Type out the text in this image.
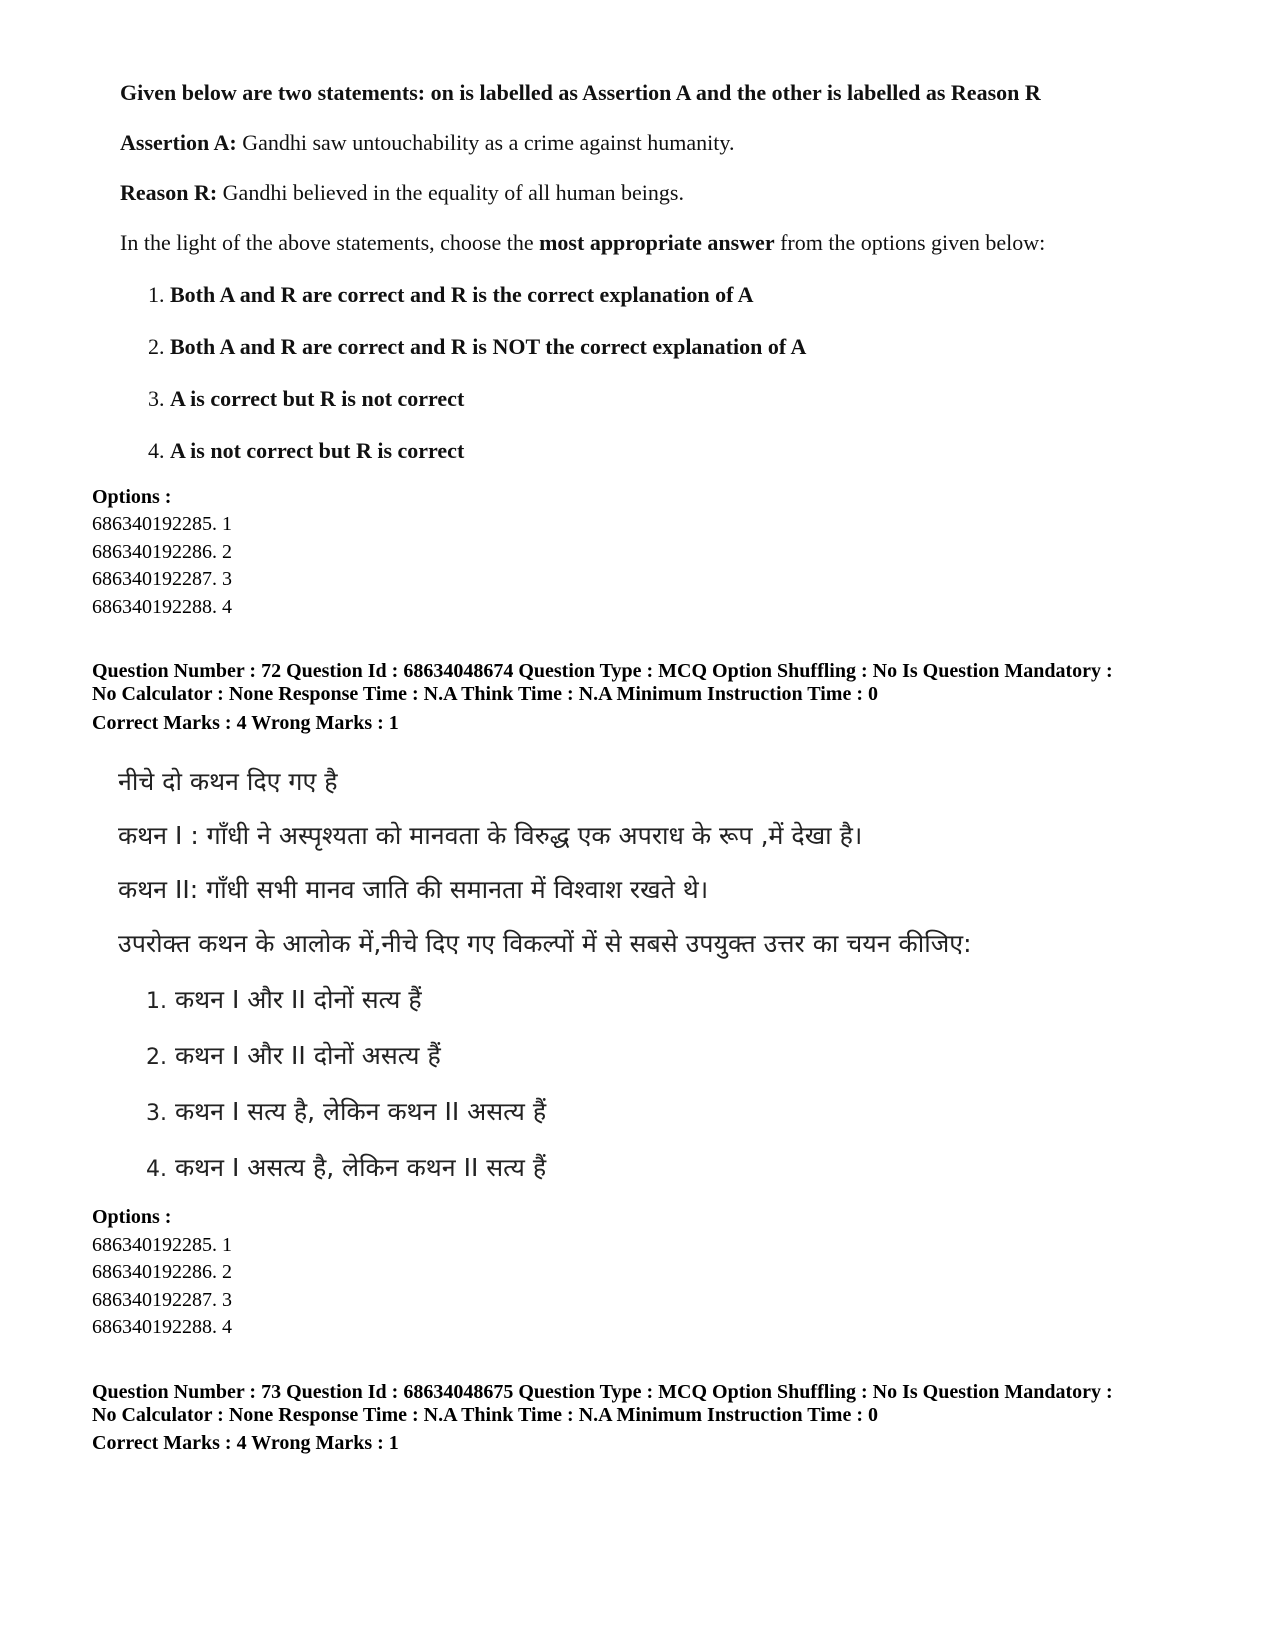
Given below are two statements: on is labelled as Assertion A and the other is labelled as Reason R
Assertion A: Gandhi saw untouchability as a crime against humanity.
Reason R: Gandhi believed in the equality of all human beings.
In the light of the above statements, choose the most appropriate answer from the options given below:
1. Both A and R are correct and R is the correct explanation of A
2. Both A and R are correct and R is NOT the correct explanation of A
3. A is correct but R is not correct
4. A is not correct but R is correct
Options :
686340192285. 1
686340192286. 2
686340192287. 3
686340192288. 4
Question Number : 72 Question Id : 68634048674 Question Type : MCQ Option Shuffling : No Is Question Mandatory :
No Calculator : None Response Time : N.A Think Time : N.A Minimum Instruction Time : 0
Correct Marks : 4 Wrong Marks : 1
नीचे दो कथन दिए गए है
कथन I : गाँधी ने अस्पृश्यता को मानवता के विरुद्ध एक अपराध के रूप ,में देखा है।
कथन II: गाँधी सभी मानव जाति की समानता में विश्वाश रखते थे।
उपरोक्त कथन के आलोक में,नीचे दिए गए विकल्पों में से सबसे उपयुक्त उत्तर का चयन कीजिए:
1. कथन I और II दोनों सत्य हैं
2. कथन I और II दोनों असत्य हैं
3. कथन I सत्य है, लेकिन कथन II असत्य हैं
4. कथन I असत्य है, लेकिन कथन II सत्य हैं
Options :
686340192285. 1
686340192286. 2
686340192287. 3
686340192288. 4
Question Number : 73 Question Id : 68634048675 Question Type : MCQ Option Shuffling : No Is Question Mandatory :
No Calculator : None Response Time : N.A Think Time : N.A Minimum Instruction Time : 0
Correct Marks : 4 Wrong Marks : 1
